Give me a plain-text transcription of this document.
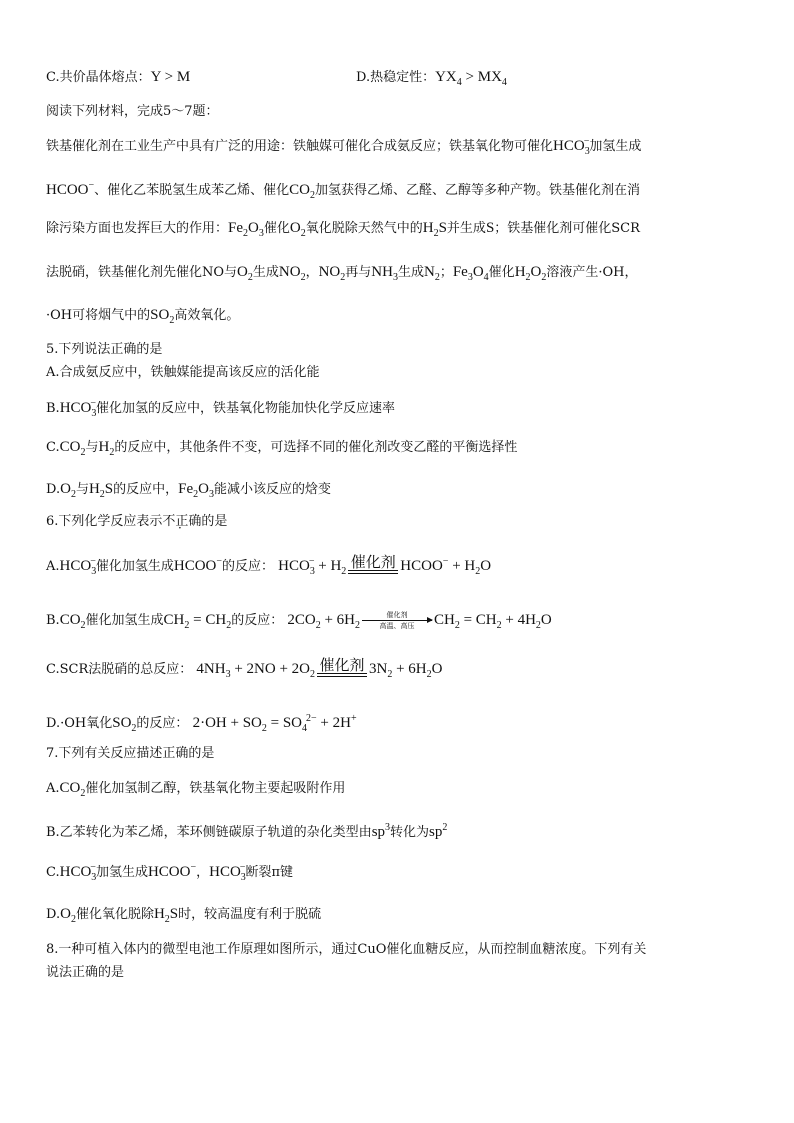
C.共价晶体熔点：Y > M	D.热稳定性：$YX_4 > MX_4$
阅读下列材料，完成5～7题：
铁基催化剂在工业生产中具有广泛的用途：铁触媒可催化合成氨反应；铁基氧化物可催化$HCO_3^-$加氢生成
HCOO−、催化乙苯脱氢生成苯乙烯、催化$CO_2$加氢获得乙烯、乙醛、乙醇等多种产物。铁基催化剂在消
除污染方面也发挥巨大的作用：$Fe_2O_3$催化$O_2$氧化脱除天然气中的$H_2S$并生成S；铁基催化剂可催化SCR
法脱硝，铁基催化剂先催化NO与$O_2$生成$NO_2$，$NO_2$再与$NH_3$生成$N_2$；$Fe_3O_4$催化$H_2O_2$溶液产生·OH，
·OH可将烟气中的$SO_2$高效氧化。
5.下列说法正确的是
A.合成氨反应中，铁触媒能提高该反应的活化能
$B.HCO_3^-$催化加氢的反应中，铁基氧化物能加快化学反应速率
$C.CO_2$与$H_2$的反应中，其他条件不变，可选择不同的催化剂改变乙醛的平衡选择性
$D.O_2$与$H_2S$的反应中，$Fe_2O_3$能减小该反应的焓变
6.下列化学反应表示不正确的是
$A.HCO_3^-$催化加氢生成HCOO−的反应： $HCO_3^- + H_2$
催化剂 HCOO− + $H_2O$
$B.CO_2$催化加氢生成$CH_2 = CH_2$的反应： $2CO_2 + 6H_2$
催化剂
高温、高压	$CH_2 = CH_2 + 4H_2O$
C.SCR法脱硝的总反应： $4NH_3 + 2NO + 2O_2$
催化剂 $3N_2 + 6H_2O$
D.·OH氧化$SO_2$的反应： $2\cdot OH + SO_2 = SO_4^{2-} + 2H^+$
7.下列有关反应描述正确的是
$A.CO_2$催化加氢制乙醇，铁基氧化物主要起吸附作用
B.乙苯转化为苯乙烯，苯环侧链碳原子轨道的杂化类型由$sp^3$转化为$sp^2$
$C.HCO_3^-$加氢生成HCOO−，$HCO_3^-$断裂π键
$D.O_2$催化氧化脱除$H_2S$时，较高温度有利于脱硫
8.一种可植入体内的微型电池工作原理如图所示，通过CuO催化血糖反应，从而控制血糖浓度。下列有关
说法正确的是
